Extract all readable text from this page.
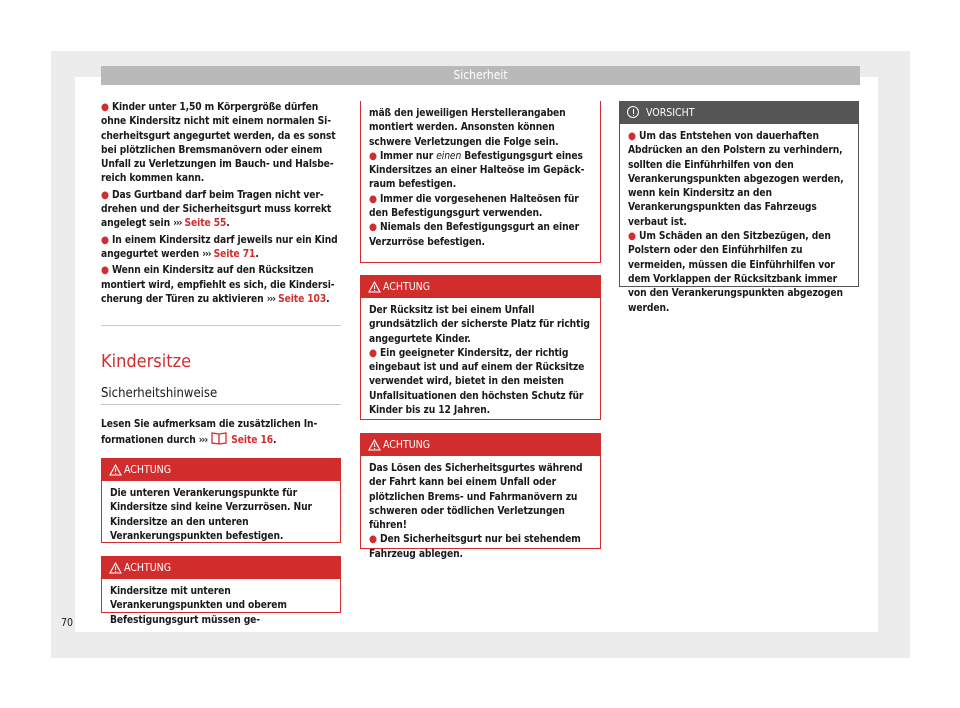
Sicherheit

● Kinder unter 1,50 m Körpergröße dürfen ohne Kindersitz nicht mit einem normalen Sicherheitsgurt angegurtet werden, da es sonst bei plötzlichen Bremsmanövern oder einem Unfall zu Verletzungen im Bauch- und Halsbereich kommen kann.

● Das Gurtband darf beim Tragen nicht verdrehen und der Sicherheitsgurt muss korrekt angelegt sein ››› Seite 55.

● In einem Kindersitz darf jeweils nur ein Kind angegurtet werden ››› Seite 71.

● Wenn ein Kindersitz auf den Rücksitzen montiert wird, empfiehlt es sich, die Kindersicherung der Türen zu aktivieren ››› Seite 103.

Kindersitze
Sicherheitshinweise
Lesen Sie aufmerksam die zusätzlichen Informationen durch ››› Seite 16.
ACHTUNG
Die unteren Verankerungspunkte für Kindersitze sind keine Verzurrösen. Nur Kindersitze an den unteren Verankerungspunkten befestigen.
ACHTUNG
Kindersitze mit unteren Verankerungspunkten und oberem Befestigungsgurt müssen ge-

mäß den jeweiligen Herstellerangaben montiert werden. Ansonsten können schwere Verletzungen die Folge sein.

● Immer nur einen Befestigungsgurt eines Kindersitzes an einer Halteöse im Gepäckraum befestigen.

● Immer die vorgesehenen Halteösen für den Befestigungsgurt verwenden.

● Niemals den Befestigungsgurt an einer Verzurröse befestigen.

ACHTUNG

Der Rücksitz ist bei einem Unfall grundsätzlich der sicherste Platz für richtig angegurtete Kinder.

● Ein geeigneter Kindersitz, der richtig eingebaut ist und auf einem der Rücksitze verwendet wird, bietet in den meisten Unfallsituationen den höchsten Schutz für Kinder bis zu 12 Jahren.

ACHTUNG

Das Lösen des Sicherheitsgurtes während der Fahrt kann bei einem Unfall oder plötzlichen Brems- und Fahrmanövern zu schweren oder tödlichen Verletzungen führen!

● Den Sicherheitsgurt nur bei stehendem Fahrzeug ablegen.

VORSICHT

● Um das Entstehen von dauerhaften Abdrücken an den Polstern zu verhindern, sollten die Einführhilfen von den Verankerungspunkten abgezogen werden, wenn kein Kindersitz an den Verankerungspunkten das Fahrzeugs verbaut ist.

● Um Schäden an den Sitzbezügen, den Polstern oder den Einführhilfen zu vermeiden, müssen die Einführhilfen vor dem Vorklappen der Rücksitzbank immer von den Verankerungspunkten abgezogen werden.

70
